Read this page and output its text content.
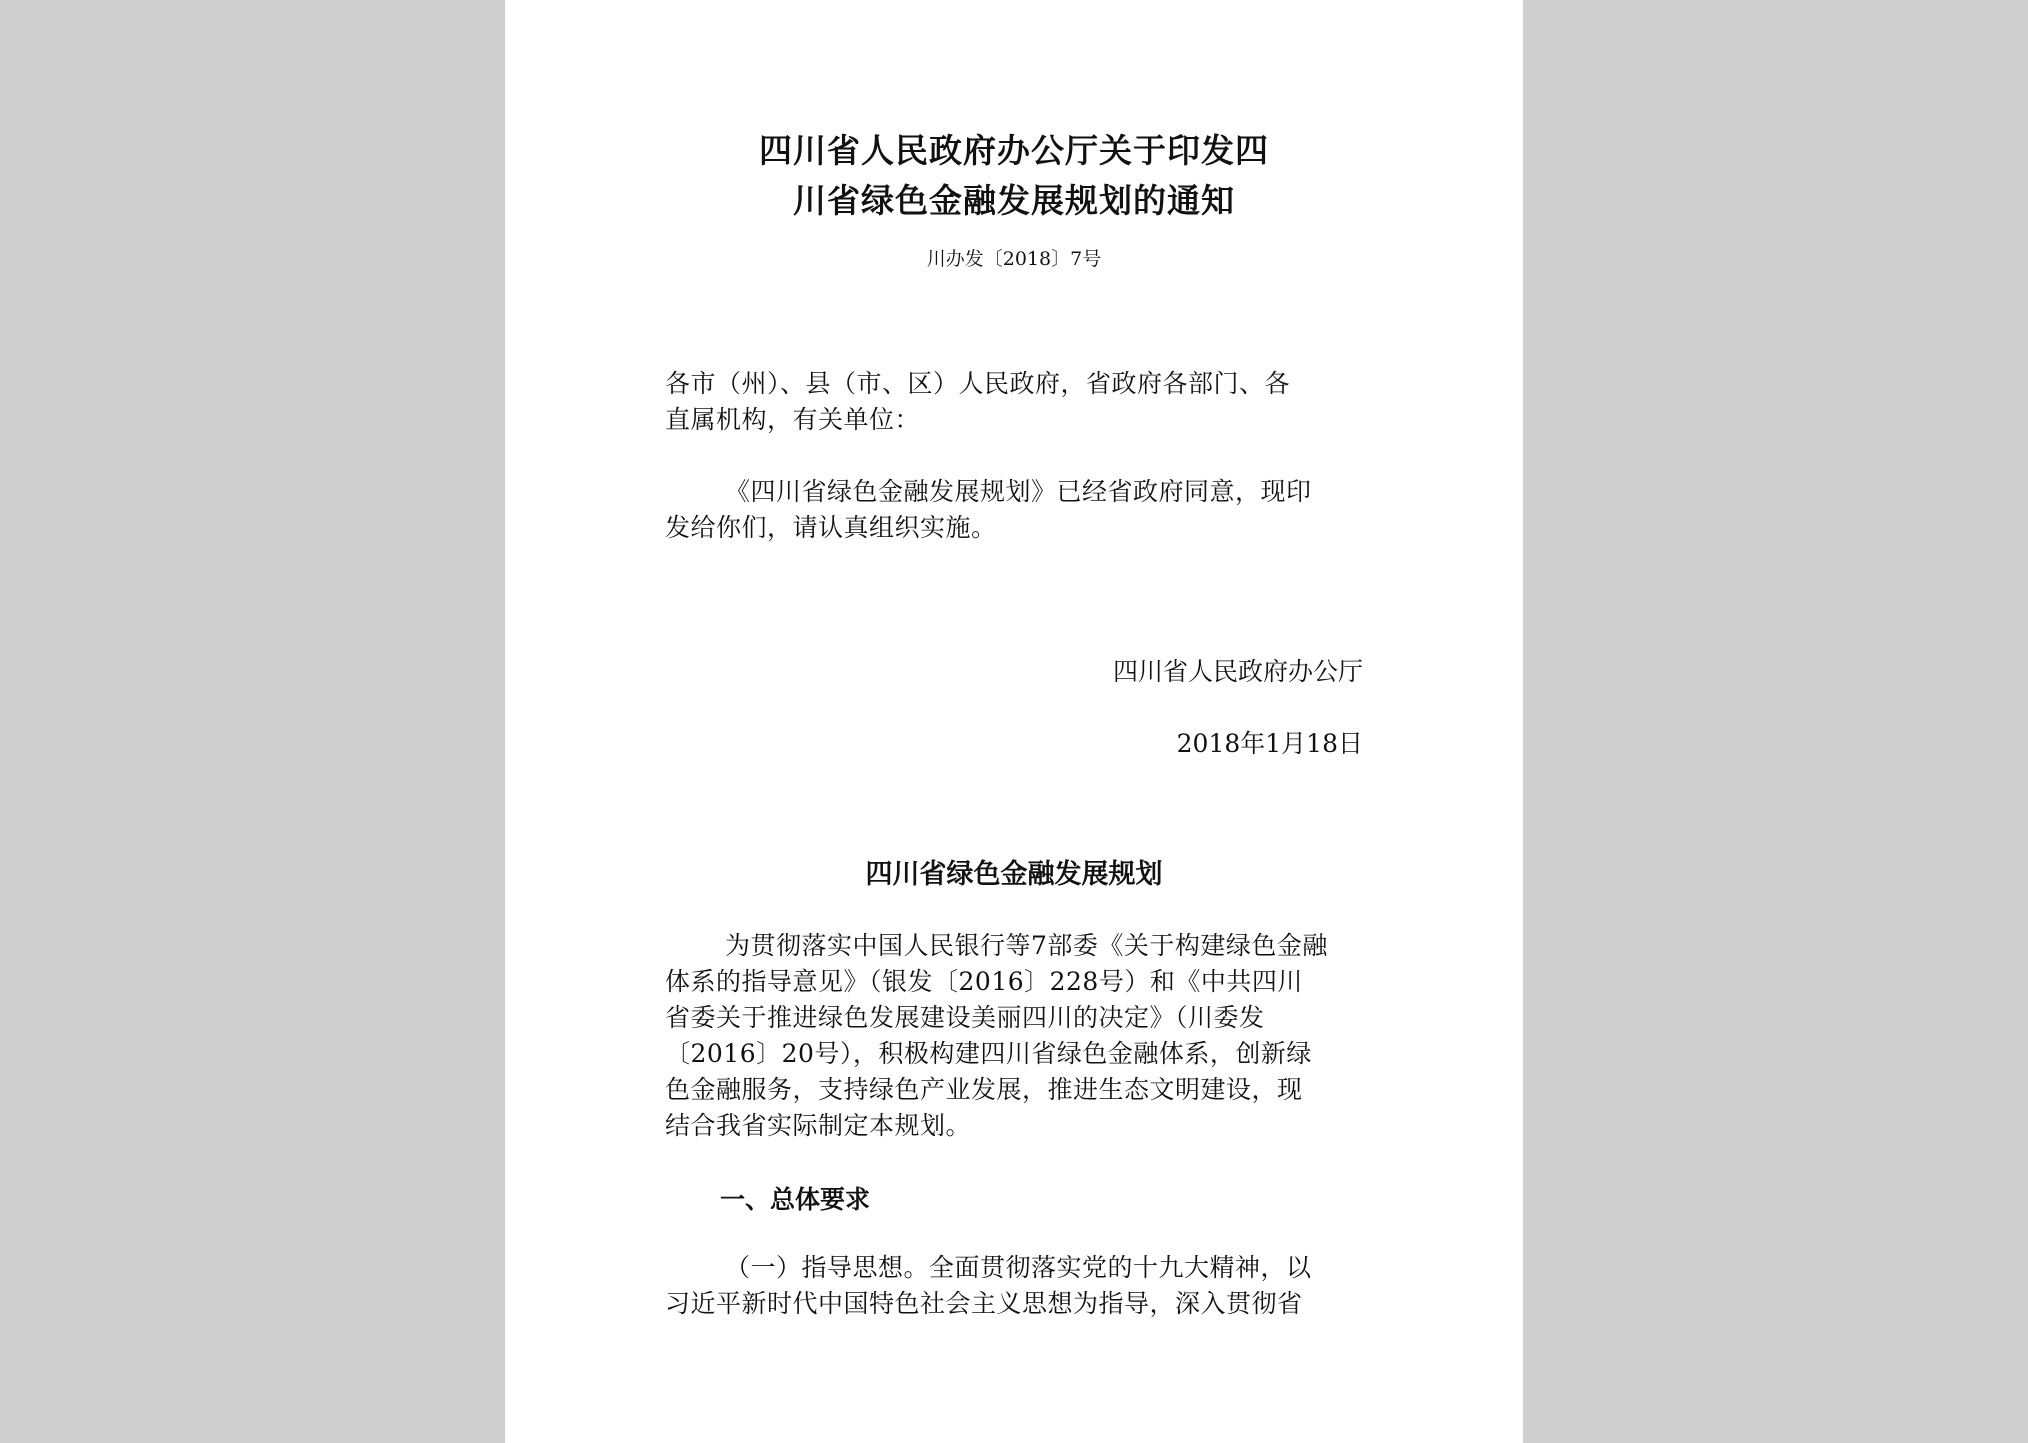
四川省人民政府办公厅关于印发四

川省绿色金融发展规划的通知

川办发〔2018〕7号

各市（州）、县（市、区）人民政府，省政府各部门、各

直属机构，有关单位：

《四川省绿色金融发展规划》已经省政府同意，现印

发给你们，请认真组织实施。

四川省人民政府办公厅

2018年1月18日

四川省绿色金融发展规划

为贯彻落实中国人民银行等7部委《关于构建绿色金融

体系的指导意见》（银发〔2016〕228号）和《中共四川

省委关于推进绿色发展建设美丽四川的决定》（川委发

〔2016〕20号），积极构建四川省绿色金融体系，创新绿

色金融服务，支持绿色产业发展，推进生态文明建设，现

结合我省实际制定本规划。

一、总体要求

（一）指导思想。全面贯彻落实党的十九大精神，以

习近平新时代中国特色社会主义思想为指导，深入贯彻省
